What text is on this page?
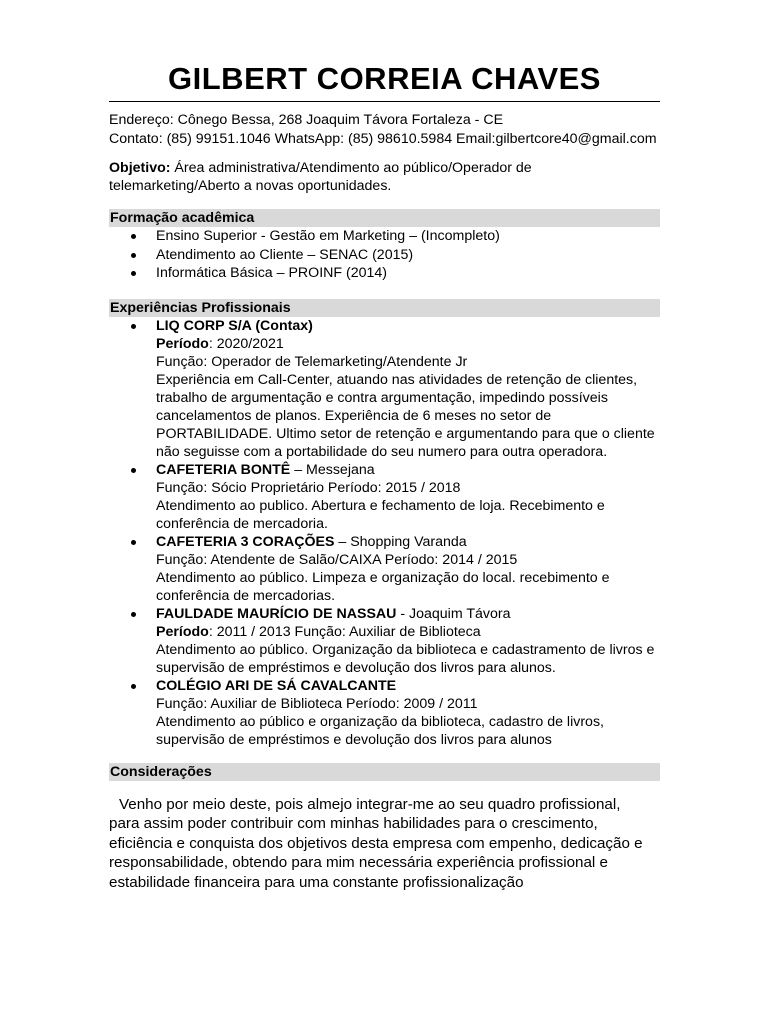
GILBERT CORREIA CHAVES
Endereço: Cônego Bessa, 268 Joaquim Távora Fortaleza - CE
Contato: (85) 99151.1046 WhatsApp: (85) 98610.5984 Email:gilbertcore40@gmail.com
Objetivo: Área administrativa/Atendimento ao público/Operador de
telemarketing/Aberto a novas oportunidades.
Formação acadêmica
Ensino Superior - Gestão em Marketing – (Incompleto)
Atendimento ao Cliente – SENAC (2015)
Informática Básica – PROINF (2014)
Experiências Profissionais
LIQ CORP S/A (Contax)
Período: 2020/2021
Função: Operador de Telemarketing/Atendente Jr
Experiência em Call-Center, atuando nas atividades de retenção de clientes,
trabalho de argumentação e contra argumentação, impedindo possíveis
cancelamentos de planos. Experiência de 6 meses no setor de
PORTABILIDADE. Ultimo setor de retenção e argumentando para que o cliente
não seguisse com a portabilidade do seu numero para outra operadora.
CAFETERIA BONTÊ – Messejana
Função: Sócio Proprietário Período: 2015 / 2018
Atendimento ao publico. Abertura e fechamento de loja. Recebimento e
conferência de mercadoria.
CAFETERIA 3 CORAÇÕES – Shopping Varanda
Função: Atendente de Salão/CAIXA Período: 2014 / 2015
Atendimento ao público. Limpeza e organização do local. recebimento e
conferência de mercadorias.
FAULDADE MAURÍCIO DE NASSAU - Joaquim Távora
Período: 2011 / 2013 Função: Auxiliar de Biblioteca
Atendimento ao público. Organização da biblioteca e cadastramento de livros e
supervisão de empréstimos e devolução dos livros para alunos.
COLÉGIO ARI DE SÁ CAVALCANTE
Função: Auxiliar de Biblioteca Período: 2009 / 2011
Atendimento ao público e organização da biblioteca, cadastro de livros,
supervisão de empréstimos e devolução dos livros para alunos
Considerações
Venho por meio deste, pois almejo integrar-me ao seu quadro profissional,
para assim poder contribuir com minhas habilidades para o crescimento,
eficiência e conquista dos objetivos desta empresa com empenho, dedicação e
responsabilidade, obtendo para mim necessária experiência profissional e
estabilidade financeira para uma constante profissionalização
